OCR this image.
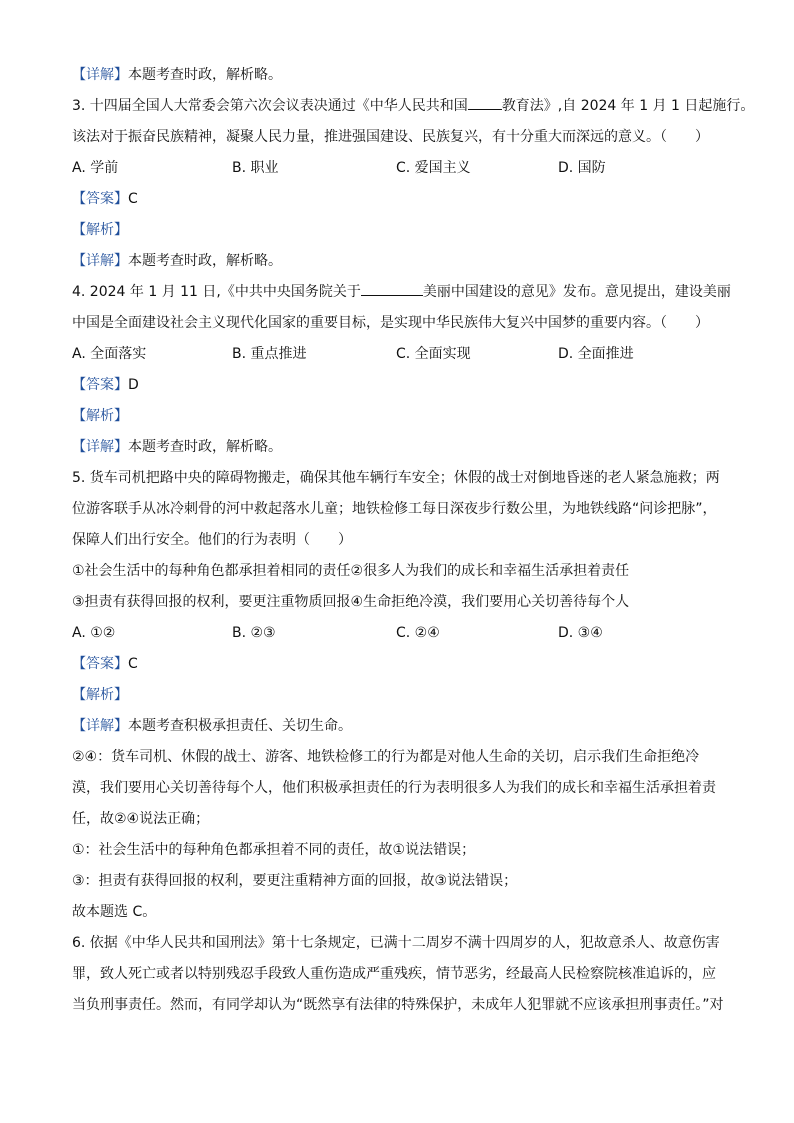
【详解】本题考查时政，解析略。
3. 十四届全国人大常委会第六次会议表决通过《中华人民共和国 教育法》,自 2024 年 1 月 1 日起施行。
该法对于振奋民族精神，凝聚人民力量，推进强国建设、民族复兴，有十分重大而深远的意义。（　　）
A. 学前	B. 职业	C. 爱国主义	D. 国防
【答案】C
【解析】
【详解】本题考查时政，解析略。
4. 2024 年 1 月 11 日,《中共中央国务院关于	美丽中国建设的意见》发布。意见提出，建设美丽
中国是全面建设社会主义现代化国家的重要目标，是实现中华民族伟大复兴中国梦的重要内容。（　　）
A. 全面落实	B. 重点推进	C. 全面实现	D. 全面推进
【答案】D
【解析】
【详解】本题考查时政，解析略。
5. 货车司机把路中央的障碍物搬走，确保其他车辆行车安全；休假的战士对倒地昏迷的老人紧急施救；两
位游客联手从冰冷刺骨的河中救起落水儿童；地铁检修工每日深夜步行数公里，为地铁线路“问诊把脉”，
保障人们出行安全。他们的行为表明（　　）
①社会生活中的每种角色都承担着相同的责任②很多人为我们的成长和幸福生活承担着责任
③担责有获得回报的权利，要更注重物质回报④生命拒绝冷漠，我们要用心关切善待每个人
A. ①②	B. ②③	C. ②④	D. ③④
【答案】C
【解析】
【详解】本题考查积极承担责任、关切生命。
②④：货车司机、休假的战士、游客、地铁检修工的行为都是对他人生命的关切，启示我们生命拒绝冷
漠，我们要用心关切善待每个人，他们积极承担责任的行为表明很多人为我们的成长和幸福生活承担着责
任，故②④说法正确；
①：社会生活中的每种角色都承担着不同的责任，故①说法错误；
③：担责有获得回报的权利，要更注重精神方面的回报，故③说法错误；
故本题选 C。
6. 依据《中华人民共和国刑法》第十七条规定，已满十二周岁不满十四周岁的人，犯故意杀人、故意伤害
罪，致人死亡或者以特别残忍手段致人重伤造成严重残疾，情节恶劣，经最高人民检察院核准追诉的，应
当负刑事责任。然而，有同学却认为“既然享有法律的特殊保护，未成年人犯罪就不应该承担刑事责任。”对
